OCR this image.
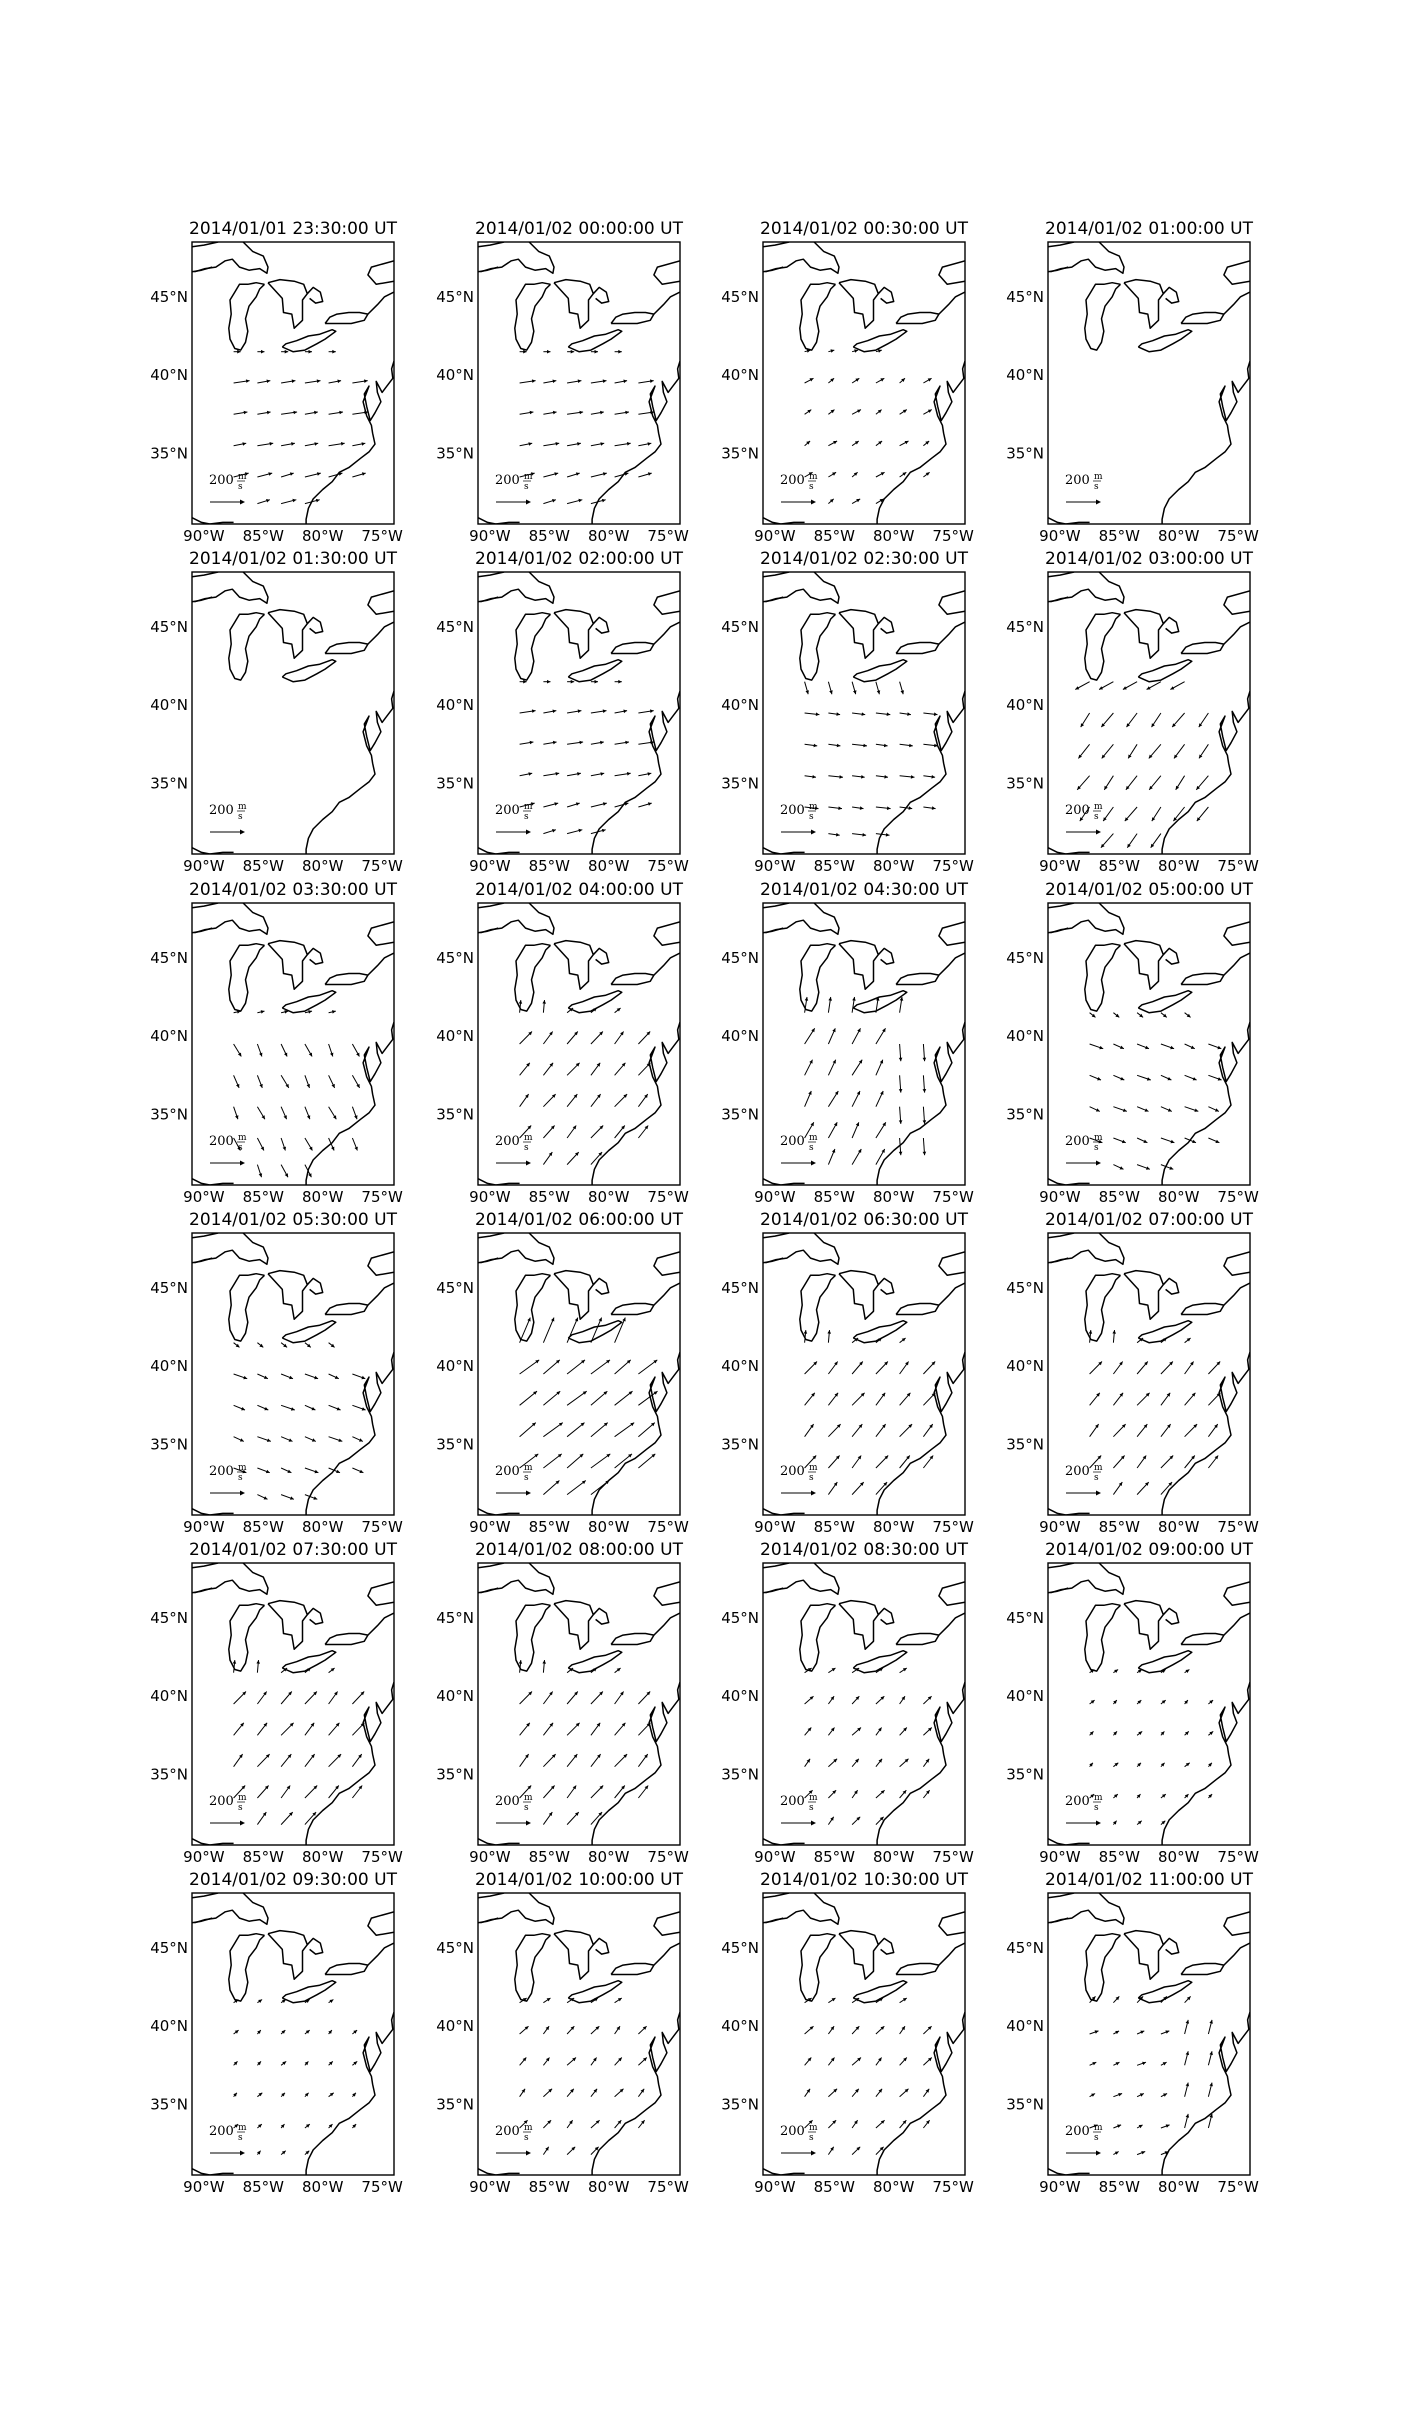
2014/01/01 23:30:00 UT
200 m
s
45°N
40°N
35°N
90°W 85°W 80°W 75°W
2014/01/02 00:00:00 UT
200 m
s
45°N
40°N
35°N
90°W 85°W 80°W 75°W
2014/01/02 00:30:00 UT
200 m
s
45°N
40°N
35°N
90°W 85°W 80°W 75°W
2014/01/02 01:00:00 UT
200 m
s
45°N
40°N
35°N
90°W 85°W 80°W 75°W
2014/01/02 01:30:00 UT
200 m
s
45°N
40°N
35°N
90°W 85°W 80°W 75°W
2014/01/02 02:00:00 UT
200 m
s
45°N
40°N
35°N
90°W 85°W 80°W 75°W
2014/01/02 02:30:00 UT
200 m
s
45°N
40°N
35°N
90°W 85°W 80°W 75°W
2014/01/02 03:00:00 UT
200 m
s
45°N
40°N
35°N
90°W 85°W 80°W 75°W
2014/01/02 03:30:00 UT
200 m
s
45°N
40°N
35°N
90°W 85°W 80°W 75°W
2014/01/02 04:00:00 UT
200 m
s
45°N
40°N
35°N
90°W 85°W 80°W 75°W
2014/01/02 04:30:00 UT
200 m
s
45°N
40°N
35°N
90°W 85°W 80°W 75°W
2014/01/02 05:00:00 UT
200 m
s
45°N
40°N
35°N
90°W 85°W 80°W 75°W
2014/01/02 05:30:00 UT
200 m
s
45°N
40°N
35°N
90°W 85°W 80°W 75°W
2014/01/02 06:00:00 UT
200 m
s
45°N
40°N
35°N
90°W 85°W 80°W 75°W
2014/01/02 06:30:00 UT
200 m
s
45°N
40°N
35°N
90°W 85°W 80°W 75°W
2014/01/02 07:00:00 UT
200 m
s
45°N
40°N
35°N
90°W 85°W 80°W 75°W
2014/01/02 07:30:00 UT
200 m
s
45°N
40°N
35°N
90°W 85°W 80°W 75°W
2014/01/02 08:00:00 UT
200 m
s
45°N
40°N
35°N
90°W 85°W 80°W 75°W
2014/01/02 08:30:00 UT
200 m
s
45°N
40°N
35°N
90°W 85°W 80°W 75°W
2014/01/02 09:00:00 UT
200 m
s
45°N
40°N
35°N
90°W 85°W 80°W 75°W
2014/01/02 09:30:00 UT
200 m
s
45°N
40°N
35°N
90°W 85°W 80°W 75°W
2014/01/02 10:00:00 UT
200 m
s
45°N
40°N
35°N
90°W 85°W 80°W 75°W
2014/01/02 10:30:00 UT
200 m
s
45°N
40°N
35°N
90°W 85°W 80°W 75°W
2014/01/02 11:00:00 UT
200 m
s
45°N
40°N
35°N
90°W 85°W 80°W 75°W
